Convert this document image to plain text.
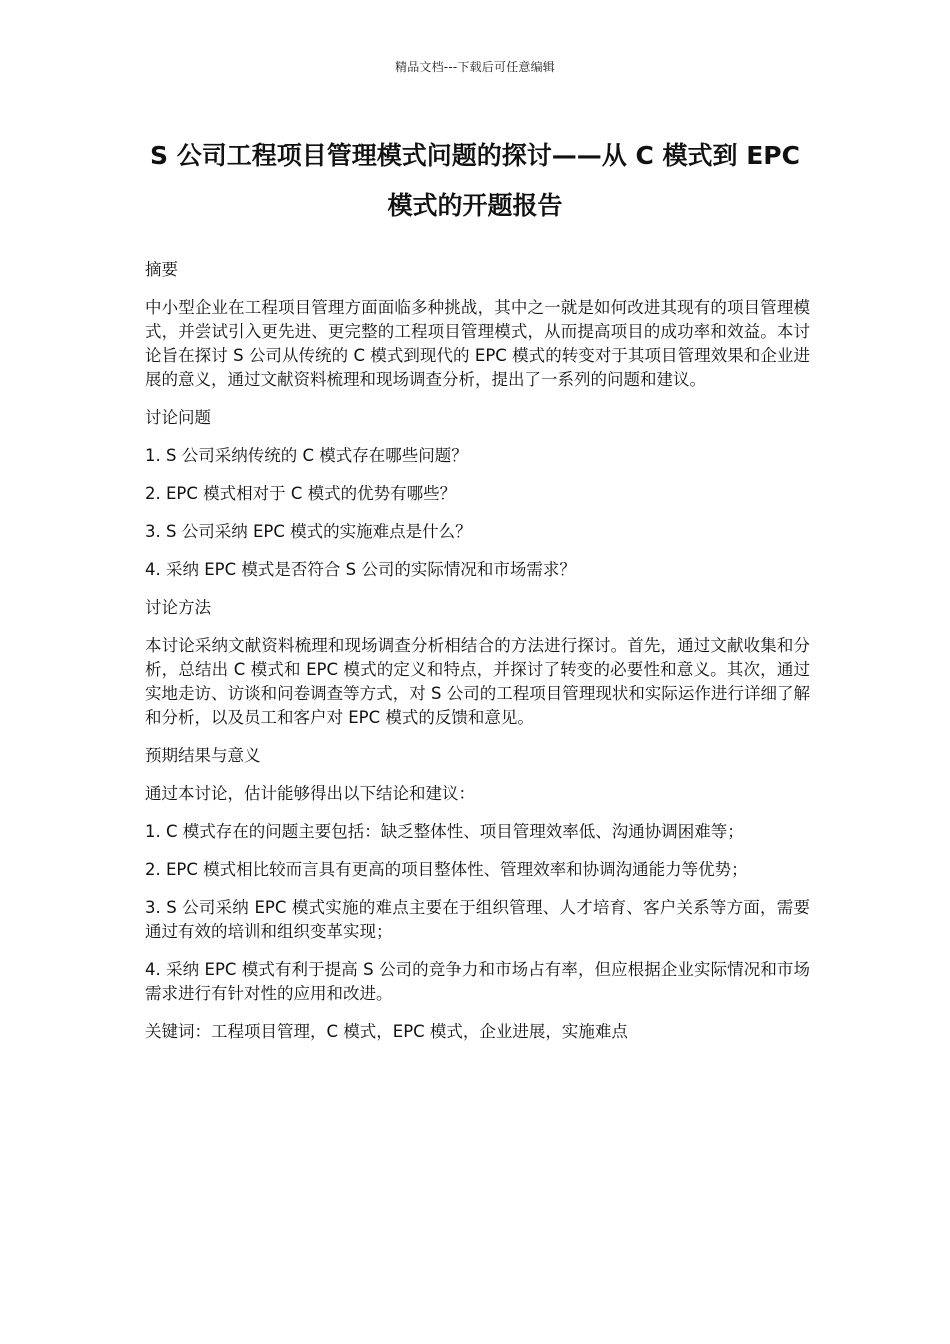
精品文档---下载后可任意编辑
S 公司工程项目管理模式问题的探讨——从 C 模式到 EPC
模式的开题报告

摘要

中小型企业在工程项目管理方面面临多种挑战，其中之一就是如何改进其现有的项目管理模式，并尝试引入更先进、更完整的工程项目管理模式，从而提高项目的成功率和效益。本讨论旨在探讨 S 公司从传统的 C 模式到现代的 EPC 模式的转变对于其项目管理效果和企业进展的意义，通过文献资料梳理和现场调查分析，提出了一系列的问题和建议。

讨论问题

1. S 公司采纳传统的 C 模式存在哪些问题？

2. EPC 模式相对于 C 模式的优势有哪些？

3. S 公司采纳 EPC 模式的实施难点是什么？

4. 采纳 EPC 模式是否符合 S 公司的实际情况和市场需求？

讨论方法

本讨论采纳文献资料梳理和现场调查分析相结合的方法进行探讨。首先，通过文献收集和分析，总结出 C 模式和 EPC 模式的定义和特点，并探讨了转变的必要性和意义。其次，通过实地走访、访谈和问卷调查等方式，对 S 公司的工程项目管理现状和实际运作进行详细了解和分析，以及员工和客户对 EPC 模式的反馈和意见。

预期结果与意义

通过本讨论，估计能够得出以下结论和建议：

1. C 模式存在的问题主要包括：缺乏整体性、项目管理效率低、沟通协调困难等；

2. EPC 模式相比较而言具有更高的项目整体性、管理效率和协调沟通能力等优势；

3. S 公司采纳 EPC 模式实施的难点主要在于组织管理、人才培育、客户关系等方面，需要通过有效的培训和组织变革实现；

4. 采纳 EPC 模式有利于提高 S 公司的竞争力和市场占有率，但应根据企业实际情况和市场需求进行有针对性的应用和改进。

关键词：工程项目管理，C 模式，EPC 模式，企业进展，实施难点
